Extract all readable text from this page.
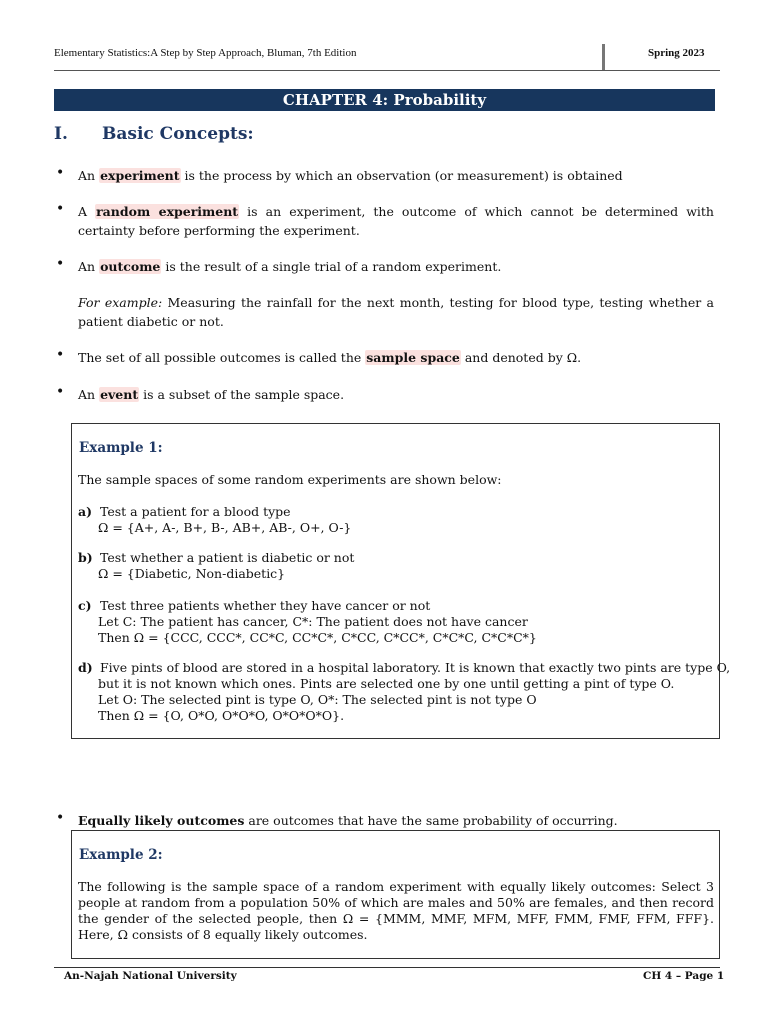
Elementary Statistics:A Step by Step Approach, Bluman, 7th Edition	Spring 2023
CHAPTER 4: Probability
I. Basic Concepts:
• An experiment is the process by which an observation (or measurement) is obtained
• A random experiment is an experiment, the outcome of which cannot be determined with certainty before performing the experiment.
• An outcome is the result of a single trial of a random experiment.
For example: Measuring the rainfall for the next month, testing for blood type, testing whether a patient diabetic or not.
• The set of all possible outcomes is called the sample space and denoted by Ω.
• An event is a subset of the sample space.
Example 1:
The sample spaces of some random experiments are shown below:
a) Test a patient for a blood type
Ω = {A+, A-, B+, B-, AB+, AB-, O+, O-}
b) Test whether a patient is diabetic or not
Ω = {Diabetic, Non-diabetic}
c) Test three patients whether they have cancer or not
Let C: The patient has cancer, C*: The patient does not have cancer
Then Ω = {CCC, CCC*, CC*C, CC*C*, C*CC, C*CC*, C*C*C, C*C*C*}
d) Five pints of blood are stored in a hospital laboratory. It is known that exactly two pints are type O,
but it is not known which ones. Pints are selected one by one until getting a pint of type O.
Let O: The selected pint is type O, O*: The selected pint is not type O
Then Ω = {O, O*O, O*O*O, O*O*O*O}.
• Equally likely outcomes are outcomes that have the same probability of occurring.
Example 2:
The following is the sample space of a random experiment with equally likely outcomes: Select 3 people at random from a population 50% of which are males and 50% are females, and then record the gender of the selected people, then Ω = {MMM, MMF, MFM, MFF, FMM, FMF, FFM, FFF}. Here, Ω consists of 8 equally likely outcomes.
An-Najah National University	CH 4 – Page 1
